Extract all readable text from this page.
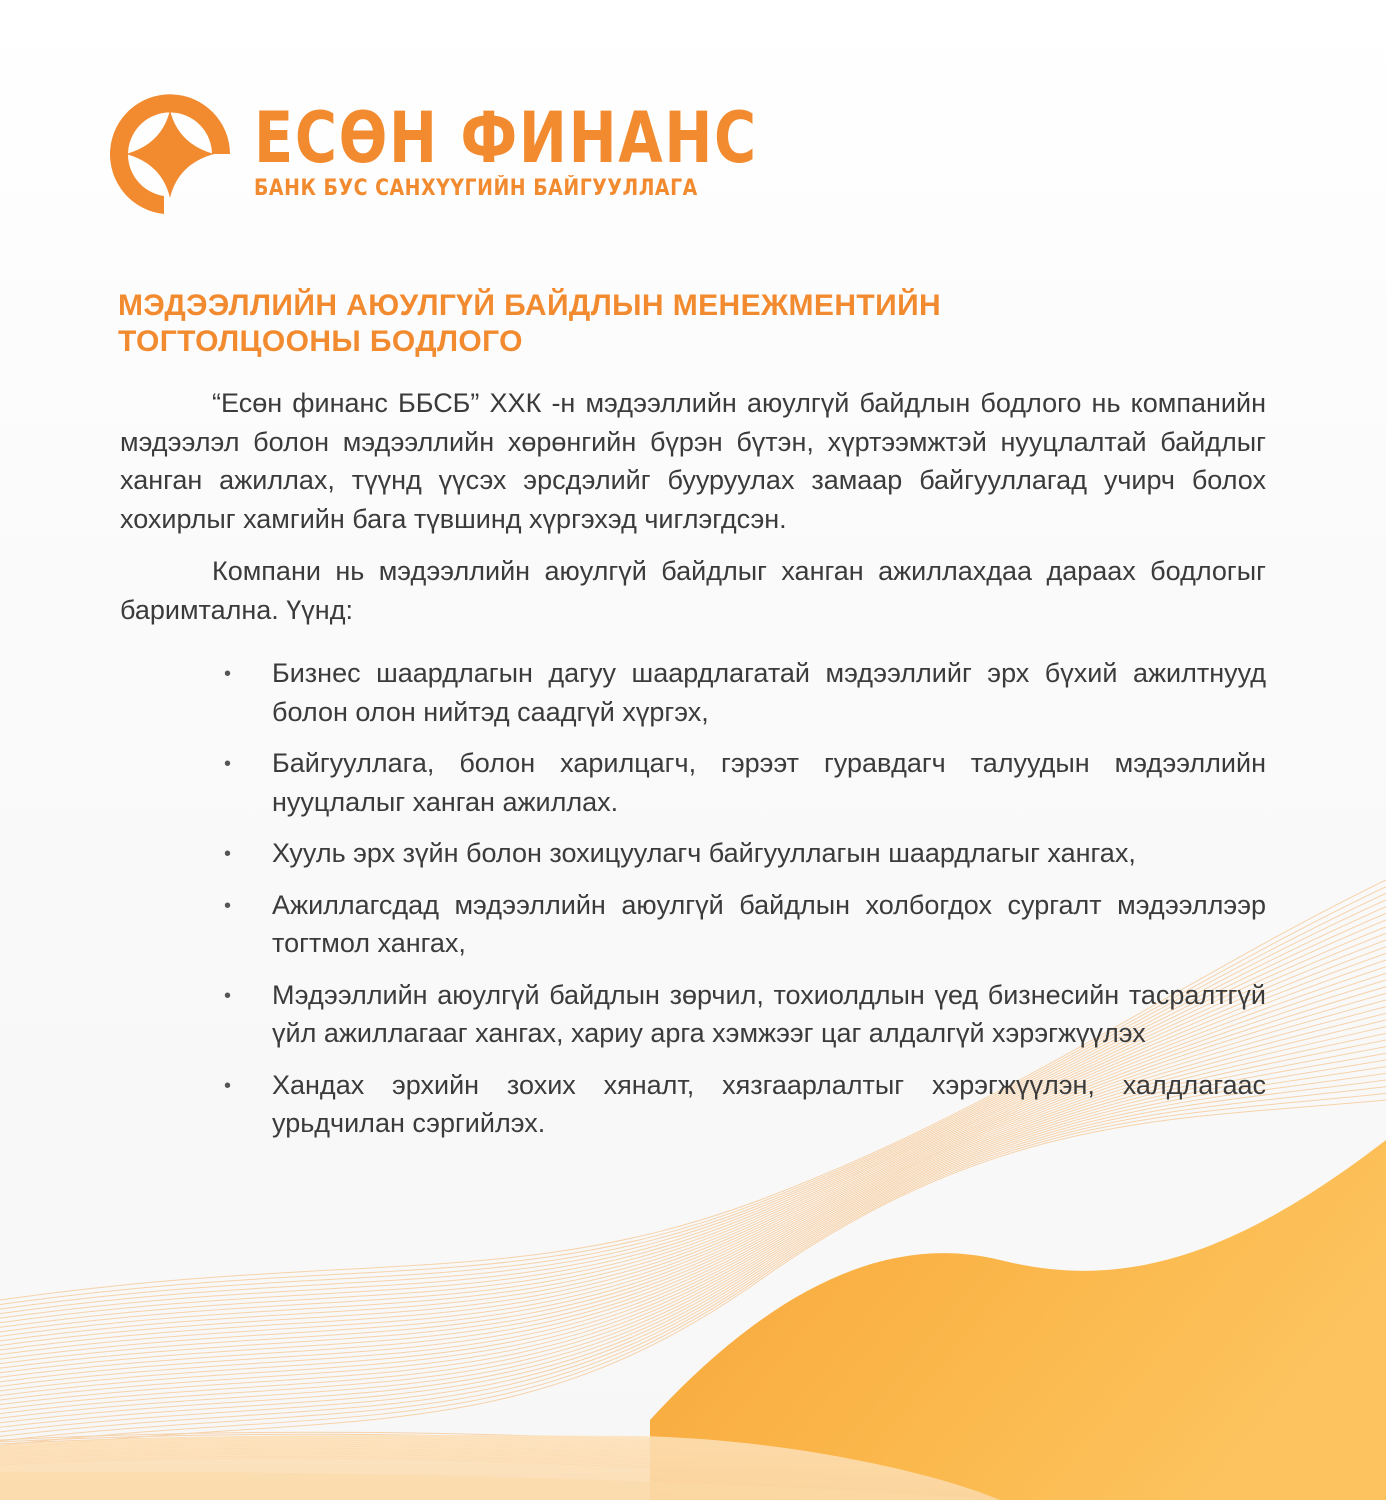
ЕСӨН ФИНАНС
БАНК БУС САНХҮҮГИЙН БАЙГУУЛЛАГА
МЭДЭЭЛЛИЙН АЮУЛГҮЙ БАЙДЛЫН МЕНЕЖМЕНТИЙН
ТОГТОЛЦООНЫ БОДЛОГО
“Есөн финанс ББСБ” ХХК -н мэдээллийн аюулгүй байдлын бодлого нь компанийн мэдээлэл болон мэдээллийн хөрөнгийн бүрэн бүтэн, хүртээмжтэй нууцлалтай байдлыг ханган ажиллах, түүнд үүсэх эрсдэлийг бууруулах замаар байгууллагад учирч болох хохирлыг хамгийн бага түвшинд хүргэхэд чиглэгдсэн.
Компани нь мэдээллийн аюулгүй байдлыг ханган ажиллахдаа дараах бодлогыг баримтална. Үүнд:
•	Бизнес шаардлагын дагуу шаардлагатай мэдээллийг эрх бүхий ажилтнууд болон олон нийтэд саадгүй хүргэх,
•	Байгууллага, болон харилцагч, гэрээт гуравдагч талуудын мэдээллийн нууцлалыг ханган ажиллах.
•	Хууль эрх зүйн болон зохицуулагч байгууллагын шаардлагыг хангах,
•	Ажиллагсдад мэдээллийн аюулгүй байдлын холбогдох сургалт мэдээллээр тогтмол хангах,
•	Мэдээллийн аюулгүй байдлын зөрчил, тохиолдлын үед бизнесийн тасралтгүй үйл ажиллагааг хангах, хариу арга хэмжээг цаг алдалгүй хэрэгжүүлэх
•	Хандах эрхийн зохих хяналт, хязгаарлалтыг хэрэгжүүлэн, халдлагаас урьдчилан сэргийлэх.
